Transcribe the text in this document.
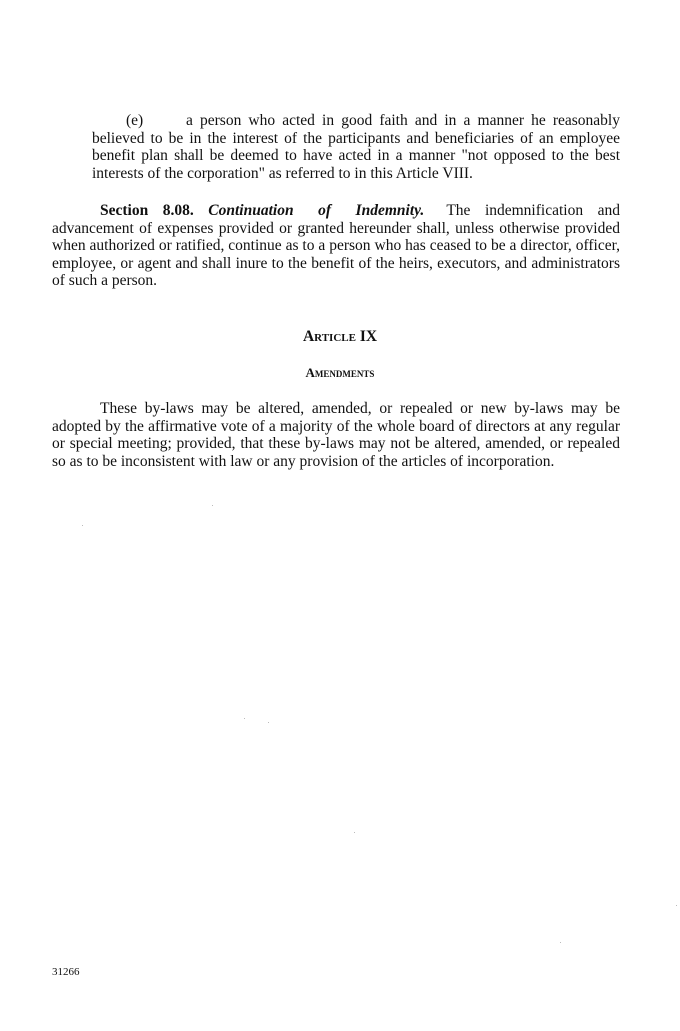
(e)	a person who acted in good faith and in a manner he reasonably believed to be in the interest of the participants and beneficiaries of an employee benefit plan shall be deemed to have acted in a manner "not opposed to the best interests of the corporation" as referred to in this Article VIII.

Section 8.08. Continuation of Indemnity. The indemnification and advancement of expenses provided or granted hereunder shall, unless otherwise provided when authorized or ratified, continue as to a person who has ceased to be a director, officer, employee, or agent and shall inure to the benefit of the heirs, executors, and administrators of such a person.

Article IX
Amendments

These by-laws may be altered, amended, or repealed or new by-laws may be adopted by the affirmative vote of a majority of the whole board of directors at any regular or special meeting; provided, that these by-laws may not be altered, amended, or repealed so as to be inconsistent with law or any provision of the articles of incorporation.

31266
